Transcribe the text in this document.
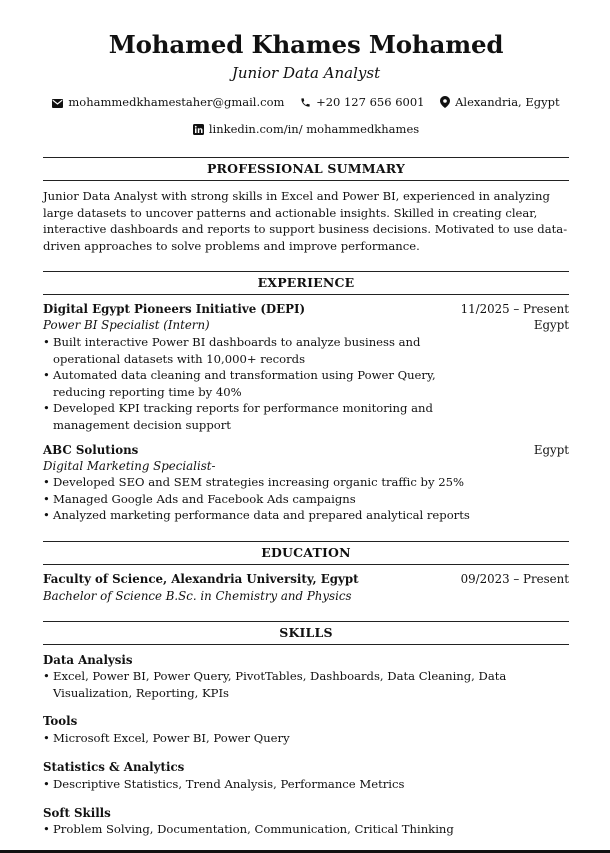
Mohamed Khames Mohamed
Junior Data Analyst
mohammedkhamestaher@gmail.com	+20 127 656 6001	Alexandria, Egypt
linkedin.com/in/ mohammedkhames
PROFESSIONAL SUMMARY
Junior Data Analyst with strong skills in Excel and Power BI, experienced in analyzing large datasets to uncover patterns and actionable insights. Skilled in creating clear, interactive dashboards and reports to support business decisions. Motivated to use data-driven approaches to solve problems and improve performance.
EXPERIENCE
Digital Egypt Pioneers Initiative (DEPI)	11/2025 – Present
Power BI Specialist (Intern)	Egypt
• Built interactive Power BI dashboards to analyze business and operational datasets with 10,000+ records
• Automated data cleaning and transformation using Power Query, reducing reporting time by 40%
• Developed KPI tracking reports for performance monitoring and management decision support
ABC Solutions	Egypt
Digital Marketing Specialist-
• Developed SEO and SEM strategies increasing organic traffic by 25%
• Managed Google Ads and Facebook Ads campaigns
• Analyzed marketing performance data and prepared analytical reports
EDUCATION
Faculty of Science, Alexandria University, Egypt	09/2023 – Present
Bachelor of Science B.Sc. in Chemistry and Physics
SKILLS
Data Analysis
• Excel, Power BI, Power Query, PivotTables, Dashboards, Data Cleaning, Data Visualization, Reporting, KPIs
Tools
• Microsoft Excel, Power BI, Power Query
Statistics & Analytics
• Descriptive Statistics, Trend Analysis, Performance Metrics
Soft Skills
• Problem Solving, Documentation, Communication, Critical Thinking
